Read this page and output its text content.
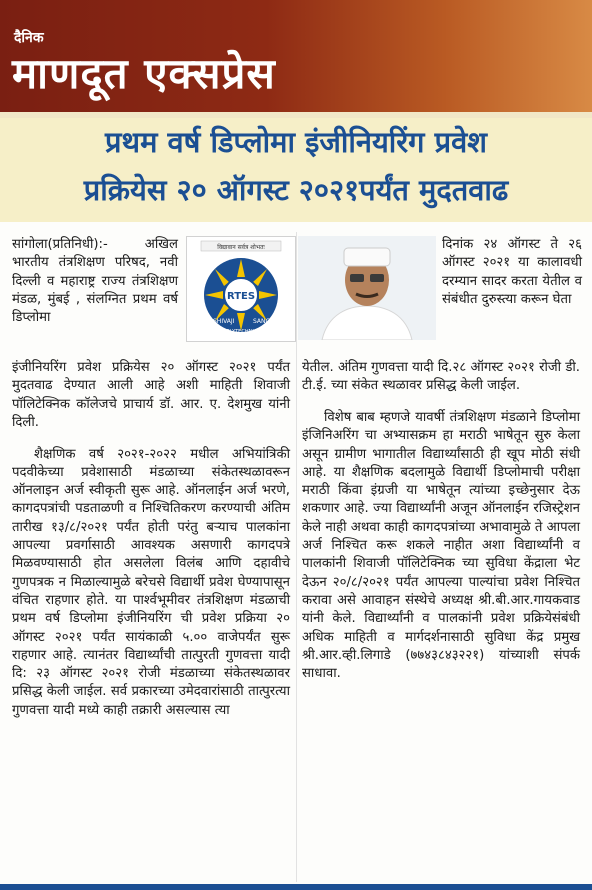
दैनिक
माणदूत एक्सप्रेस
प्रथम वर्ष डिप्लोमा इंजीनियरिंग प्रवेश
प्रक्रियेस २० ऑगस्ट २०२१पर्यंत मुदतवाढ
सांगोला(प्रतिनिधी):- अखिल भारतीय तंत्रशिक्षण परिषद, नवी दिल्ली व महाराष्ट्र राज्य तंत्रशिक्षण मंडळ, मुंबई , संलग्नित प्रथम वर्ष डिप्लोमा
विद्यावान सर्वत्र शोभतः
RTES
SHIVAJI
POLYTECHNIC
SANGOLA
दिनांक २४ ऑगस्ट ते २६ ऑगस्ट २०२१ या कालावधी दरम्यान सादर करता येतील व संबंधीत दुरुस्त्या करून घेता

इंजीनियरिंग प्रवेश प्रक्रियेस २० ऑगस्ट २०२१ पर्यंत मुदतवाढ देण्यात आली आहे अशी माहिती शिवाजी पॉलिटेक्निक कॉलेजचे प्राचार्य डॉ. आर. ए. देशमुख यांनी दिली.

शैक्षणिक वर्ष २०२१-२०२२ मधील अभियांत्रिकी पदवीकेच्या प्रवेशासाठी मंडळाच्या संकेतस्थळावरून ऑनलाइन अर्ज स्वीकृती सुरू आहे. ऑनलाईन अर्ज भरणे, कागदपत्रांची पडताळणी व निश्चितिकरण करण्याची अंतिम तारीख १३/८/२०२१ पर्यंत होती परंतु बऱ्याच पालकांना आपल्या प्रवर्गासाठी आवश्यक असणारी कागदपत्रे मिळवण्यासाठी होत असलेला विलंब आणि दहावीचे गुणपत्रक न मिळाल्यामुळे बरेचसे विद्यार्थी प्रवेश घेण्यापासून वंचित राहणार होते. या पार्श्वभूमीवर तंत्रशिक्षण मंडळाची प्रथम वर्ष डिप्लोमा इंजीनियरिंग ची प्रवेश प्रक्रिया २० ऑगस्ट २०२१ पर्यंत सायंकाळी ५.०० वाजेपर्यंत सुरू राहणार आहे. त्यानंतर विद्यार्थ्यांची तात्पुरती गुणवत्ता यादी दि: २३ ऑगस्ट २०२१ रोजी मंडळाच्या संकेतस्थळावर प्रसिद्ध केली जाईल. सर्व प्रकारच्या उमेदवारांसाठी तात्पुरत्या गुणवत्ता यादी मध्ये काही तक्रारी असल्यास त्या

येतील. अंतिम गुणवत्ता यादी दि.२८ ऑगस्ट २०२१ रोजी डी. टी.ई. च्या संकेत स्थळावर प्रसिद्ध केली जाईल.

विशेष बाब म्हणजे यावर्षी तंत्रशिक्षण मंडळाने डिप्लोमा इंजिनिअरिंग चा अभ्यासक्रम हा मराठी भाषेतून सुरु केला असून ग्रामीण भागातील विद्यार्थ्यांसाठी ही खूप मोठी संधी आहे. या शैक्षणिक बदलामुळे विद्यार्थी डिप्लोमाची परीक्षा मराठी किंवा इंग्रजी या भाषेतून त्यांच्या इच्छेनुसार देऊ शकणार आहे. ज्या विद्यार्थ्यांनी अजून ऑनलाईन रजिस्ट्रेशन केले नाही अथवा काही कागदपत्रांच्या अभावामुळे ते आपला अर्ज निश्चित करू शकले नाहीत अशा विद्यार्थ्यांनी व पालकांनी शिवाजी पॉलिटेक्निक च्या सुविधा केंद्राला भेट देऊन २०/८/२०२१ पर्यंत आपल्या पाल्यांचा प्रवेश निश्चित करावा असे आवाहन संस्थेचे अध्यक्ष श्री.बी.आर.गायकवाड यांनी केले. विद्यार्थ्यांनी व पालकांनी प्रवेश प्रक्रियेसंबंधी अधिक माहिती व मार्गदर्शनासाठी सुविधा केंद्र प्रमुख श्री.आर.व्ही.लिगाडे (७७४३८४३२२१) यांच्याशी संपर्क साधावा.
